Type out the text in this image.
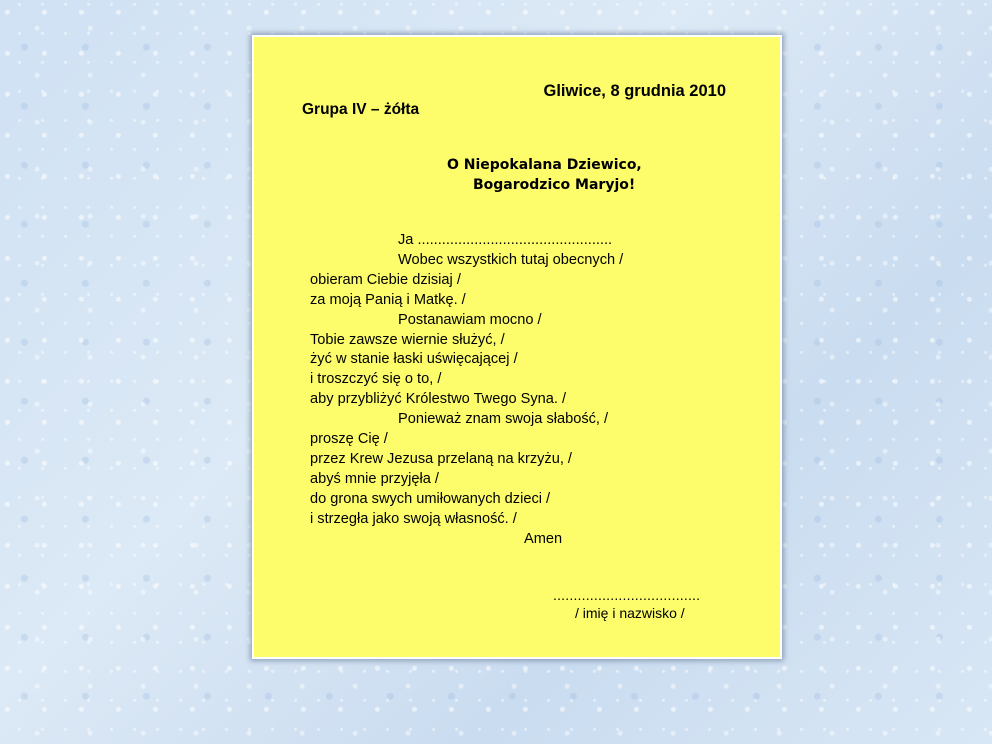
Gliwice, 8 grudnia 2010
Grupa IV – żółta
O Niepokalana Dziewico,
Bogarodzico Maryjo!
Ja ................................................
Wobec wszystkich tutaj obecnych /
obieram Ciebie dzisiaj /
za moją Panią i Matkę. /
Postanawiam mocno /
Tobie zawsze wiernie służyć, /
żyć w stanie łaski uświęcającej /
i troszczyć się o to, /
aby przybliżyć Królestwo Twego Syna. /
Ponieważ znam swoja słabość, /
proszę Cię /
przez Krew Jezusa przelaną na krzyżu, /
abyś mnie przyjęła /
do grona swych umiłowanych dzieci /
i strzegła jako swoją własność. /
Amen
....................................
/ imię i nazwisko /
